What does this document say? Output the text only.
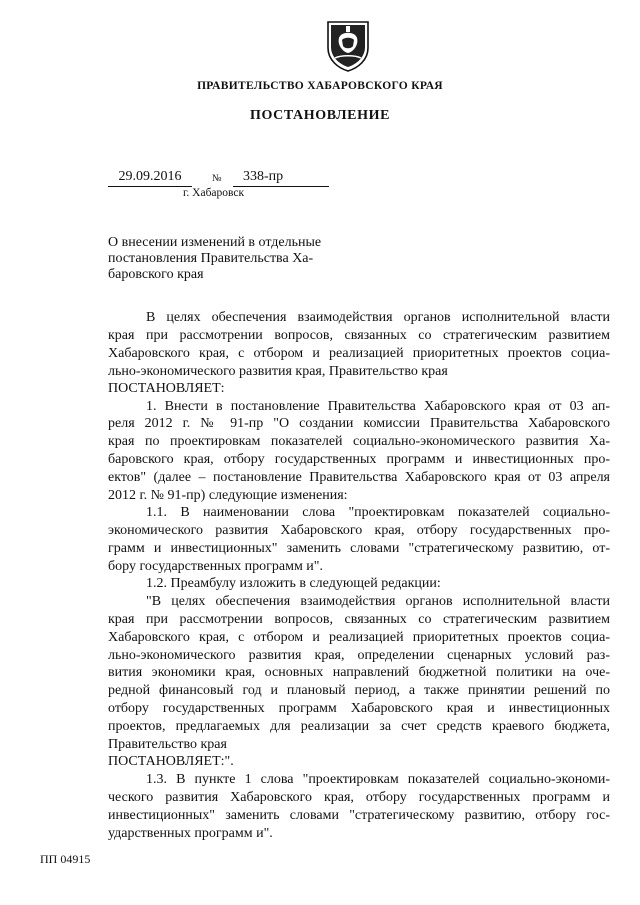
ПРАВИТЕЛЬСТВО ХАБАРОВСКОГО КРАЯ
ПОСТАНОВЛЕНИЕ
29.09.2016	№	338-пр
г. Хабаровск
О внесении изменений в отдельные
постановления Правительства Ха-
баровского края
В целях обеспечения взаимодействия органов исполнительной власти
края при рассмотрении вопросов, связанных со стратегическим развитием
Хабаровского края, с отбором и реализацией приоритетных проектов социа-
льно-экономического развития края, Правительство края
ПОСТАНОВЛЯЕТ:
1. Внести в постановление Правительства Хабаровского края от 03 ап-
реля 2012 г. № 91-пр "О создании комиссии Правительства Хабаровского
края по проектировкам показателей социально-экономического развития Ха-
баровского края, отбору государственных программ и инвестиционных про-
ектов" (далее – постановление Правительства Хабаровского края от 03 апреля
2012 г. № 91-пр) следующие изменения:
1.1. В наименовании слова "проектировкам показателей социально-
экономического развития Хабаровского края, отбору государственных про-
грамм и инвестиционных" заменить словами "стратегическому развитию, от-
бору государственных программ и".
1.2. Преамбулу изложить в следующей редакции:
"В целях обеспечения взаимодействия органов исполнительной власти
края при рассмотрении вопросов, связанных со стратегическим развитием
Хабаровского края, с отбором и реализацией приоритетных проектов социа-
льно-экономического развития края, определении сценарных условий раз-
вития экономики края, основных направлений бюджетной политики на оче-
редной финансовый год и плановый период, а также принятии решений по
отбору государственных программ Хабаровского края и инвестиционных
проектов, предлагаемых для реализации за счет средств краевого бюджета,
Правительство края
ПОСТАНОВЛЯЕТ:".
1.3. В пункте 1 слова "проектировкам показателей социально-экономи-
ческого развития Хабаровского края, отбору государственных программ и
инвестиционных" заменить словами "стратегическому развитию, отбору гос-
ударственных программ и".
ПП 04915
